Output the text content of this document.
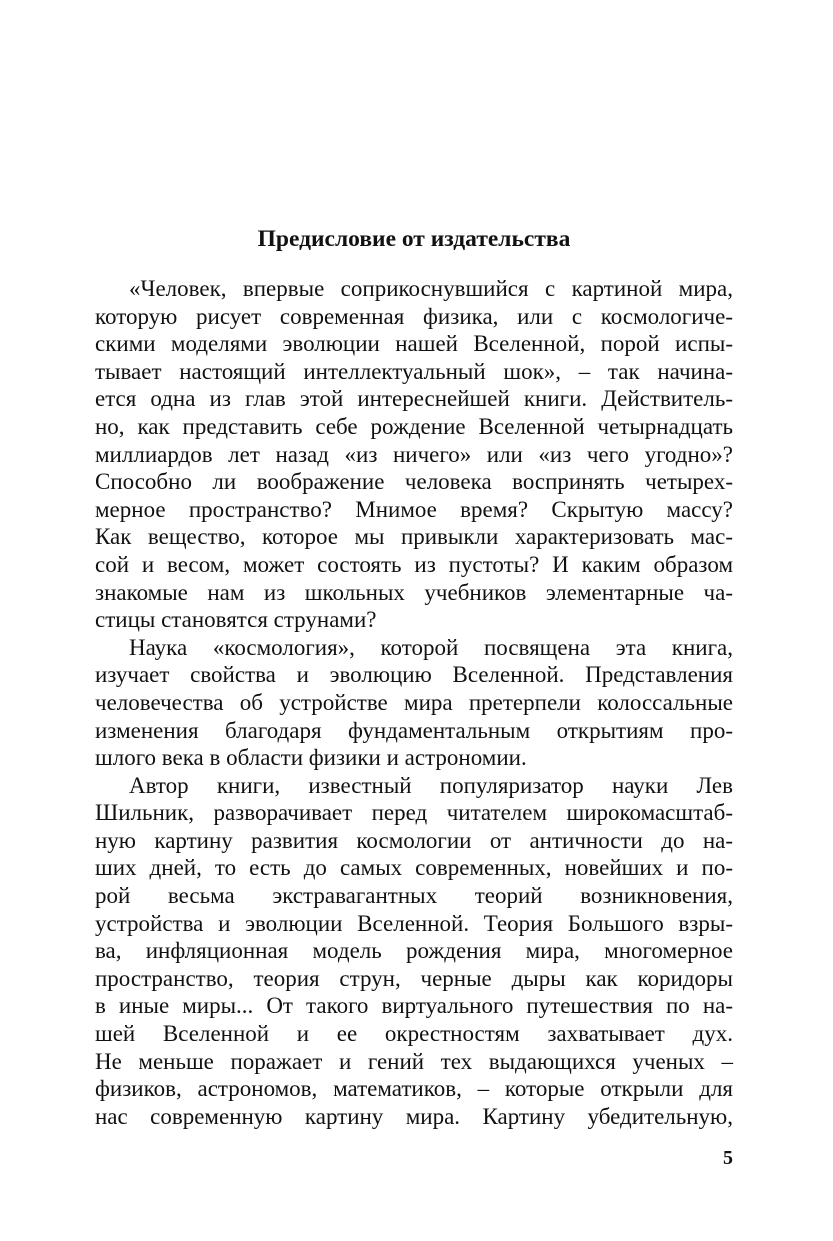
Предисловие от издательства
«Человек, впервые соприкоснувшийся с картиной мира,
которую рисует современная физика, или с космологиче-
скими моделями эволюции нашей Вселенной, порой испы-
тывает настоящий интеллектуальный шок», – так начина-
ется одна из глав этой интереснейшей книги. Действитель-
но, как представить себе рождение Вселенной четырнадцать
миллиардов лет назад «из ничего» или «из чего угодно»?
Способно ли воображение человека воспринять четырех-
мерное пространство? Мнимое время? Скрытую массу?
Как вещество, которое мы привыкли характеризовать мас-
сой и весом, может состоять из пустоты? И каким образом
знакомые нам из школьных учебников элементарные ча-
стицы становятся струнами?
Наука «космология», которой посвящена эта книга,
изучает свойства и эволюцию Вселенной. Представления
человечества об устройстве мира претерпели колоссальные
изменения благодаря фундаментальным открытиям про-
шлого века в области физики и астрономии.
Автор книги, известный популяризатор науки Лев
Шильник, разворачивает перед читателем широкомасштаб-
ную картину развития космологии от античности до на-
ших дней, то есть до самых современных, новейших и по-
рой весьма экстравагантных теорий возникновения,
устройства и эволюции Вселенной. Теория Большого взры-
ва, инфляционная модель рождения мира, многомерное
пространство, теория струн, черные дыры как коридоры
в иные миры... От такого виртуального путешествия по на-
шей Вселенной и ее окрестностям захватывает дух.
Не меньше поражает и гений тех выдающихся ученых –
физиков, астрономов, математиков, – которые открыли для
нас современную картину мира. Картину убедительную,
5
